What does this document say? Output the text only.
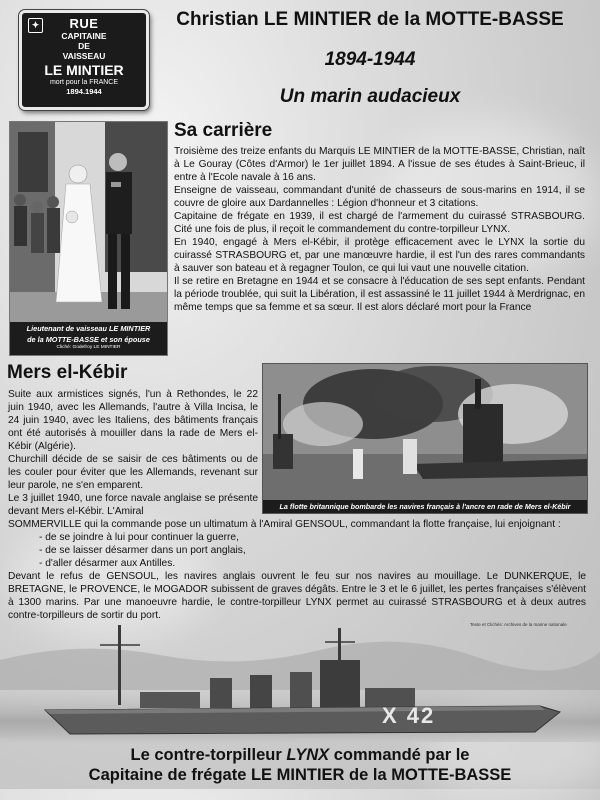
✦	RUE
CAPITAINE
DE
VAISSEAU
LE MINTIER
mort pour la FRANCE
1894.1944
Christian LE MINTIER de la MOTTE-BASSE
1894-1944
Un marin audacieux
Lieutenant de vaisseau LE MINTIER
de la MOTTE-BASSE et son épouse
Cliché: Godefroy LE MINTIER
Sa carrière

Troisième des treize enfants du Marquis LE MINTIER de la MOTTE-BASSE, Christian, naît à Le Gouray (Côtes d'Armor) le 1er juillet 1894. A l'issue de ses études à Saint-Brieuc, il entre à l'Ecole navale à 16 ans.

Enseigne de vaisseau, commandant d'unité de chasseurs de sous-marins en 1914, il se couvre de gloire aux Dardannelles : Légion d'honneur et 3 citations.

Capitaine de frégate en 1939, il est chargé de l'armement du cuirassé STRASBOURG. Cité une fois de plus, il reçoit le commandement du contre-torpilleur LYNX.

En 1940, engagé à Mers el-Kébir, il protège efficacement avec le LYNX la sortie du cuirassé STRASBOURG et, par une manœuvre hardie, il est l'un des rares commandants à sauver son bateau et à regagner Toulon, ce qui lui vaut une nouvelle citation.

Il se retire en Bretagne en 1944 et se consacre à l'éducation de ses sept enfants. Pendant la période troublée, qui suit la Libération, il est assassiné le 11 juillet 1944 à Merdrignac, en même temps que sa femme et sa sœur. Il est alors déclaré mort pour la France

Mers el-Kébir

Suite aux armistices signés, l'un à Rethondes, le 22 juin 1940, avec les Allemands, l'autre à Villa Incisa, le 24 juin 1940, avec les Italiens, des bâtiments français ont été autorisés à mouiller dans la rade de Mers el-Kébir (Algérie).

Churchill décide de se saisir de ces bâtiments ou de les couler pour éviter que les Allemands, revenant sur leur parole, ne s'en emparent.

Le 3 juillet 1940, une force navale anglaise se présente devant Mers el-Kébir. L'Amiral	La flotte britannique bombarde les navires français à l'ancre en rade de Mers el-Kébir

SOMMERVILLE qui la commande pose un ultimatum à l'Amiral GENSOUL, commandant la flotte française, lui enjoignant :

- de se joindre à lui pour continuer la guerre,
- de se laisser désarmer dans un port anglais,
- d'aller désarmer aux Antilles.

Devant le refus de GENSOUL, les navires anglais ouvrent le feu sur nos navires au mouillage. Le DUNKERQUE, le BRETAGNE, le PROVENCE, le MOGADOR subissent de graves dégâts. Entre le 3 et le 6 juillet, les pertes françaises s'élèvent à 1300 marins. Par une manoeuvre hardie, le contre-torpilleur LYNX permet au cuirassé STRASBOURG et à deux autres contre-torpilleurs de sortir du port.

X 42
Texte et Clichés: Archives de la marine nationale
Le contre-torpilleur LYNX commandé par le
Capitaine de frégate LE MINTIER de la MOTTE-BASSE
